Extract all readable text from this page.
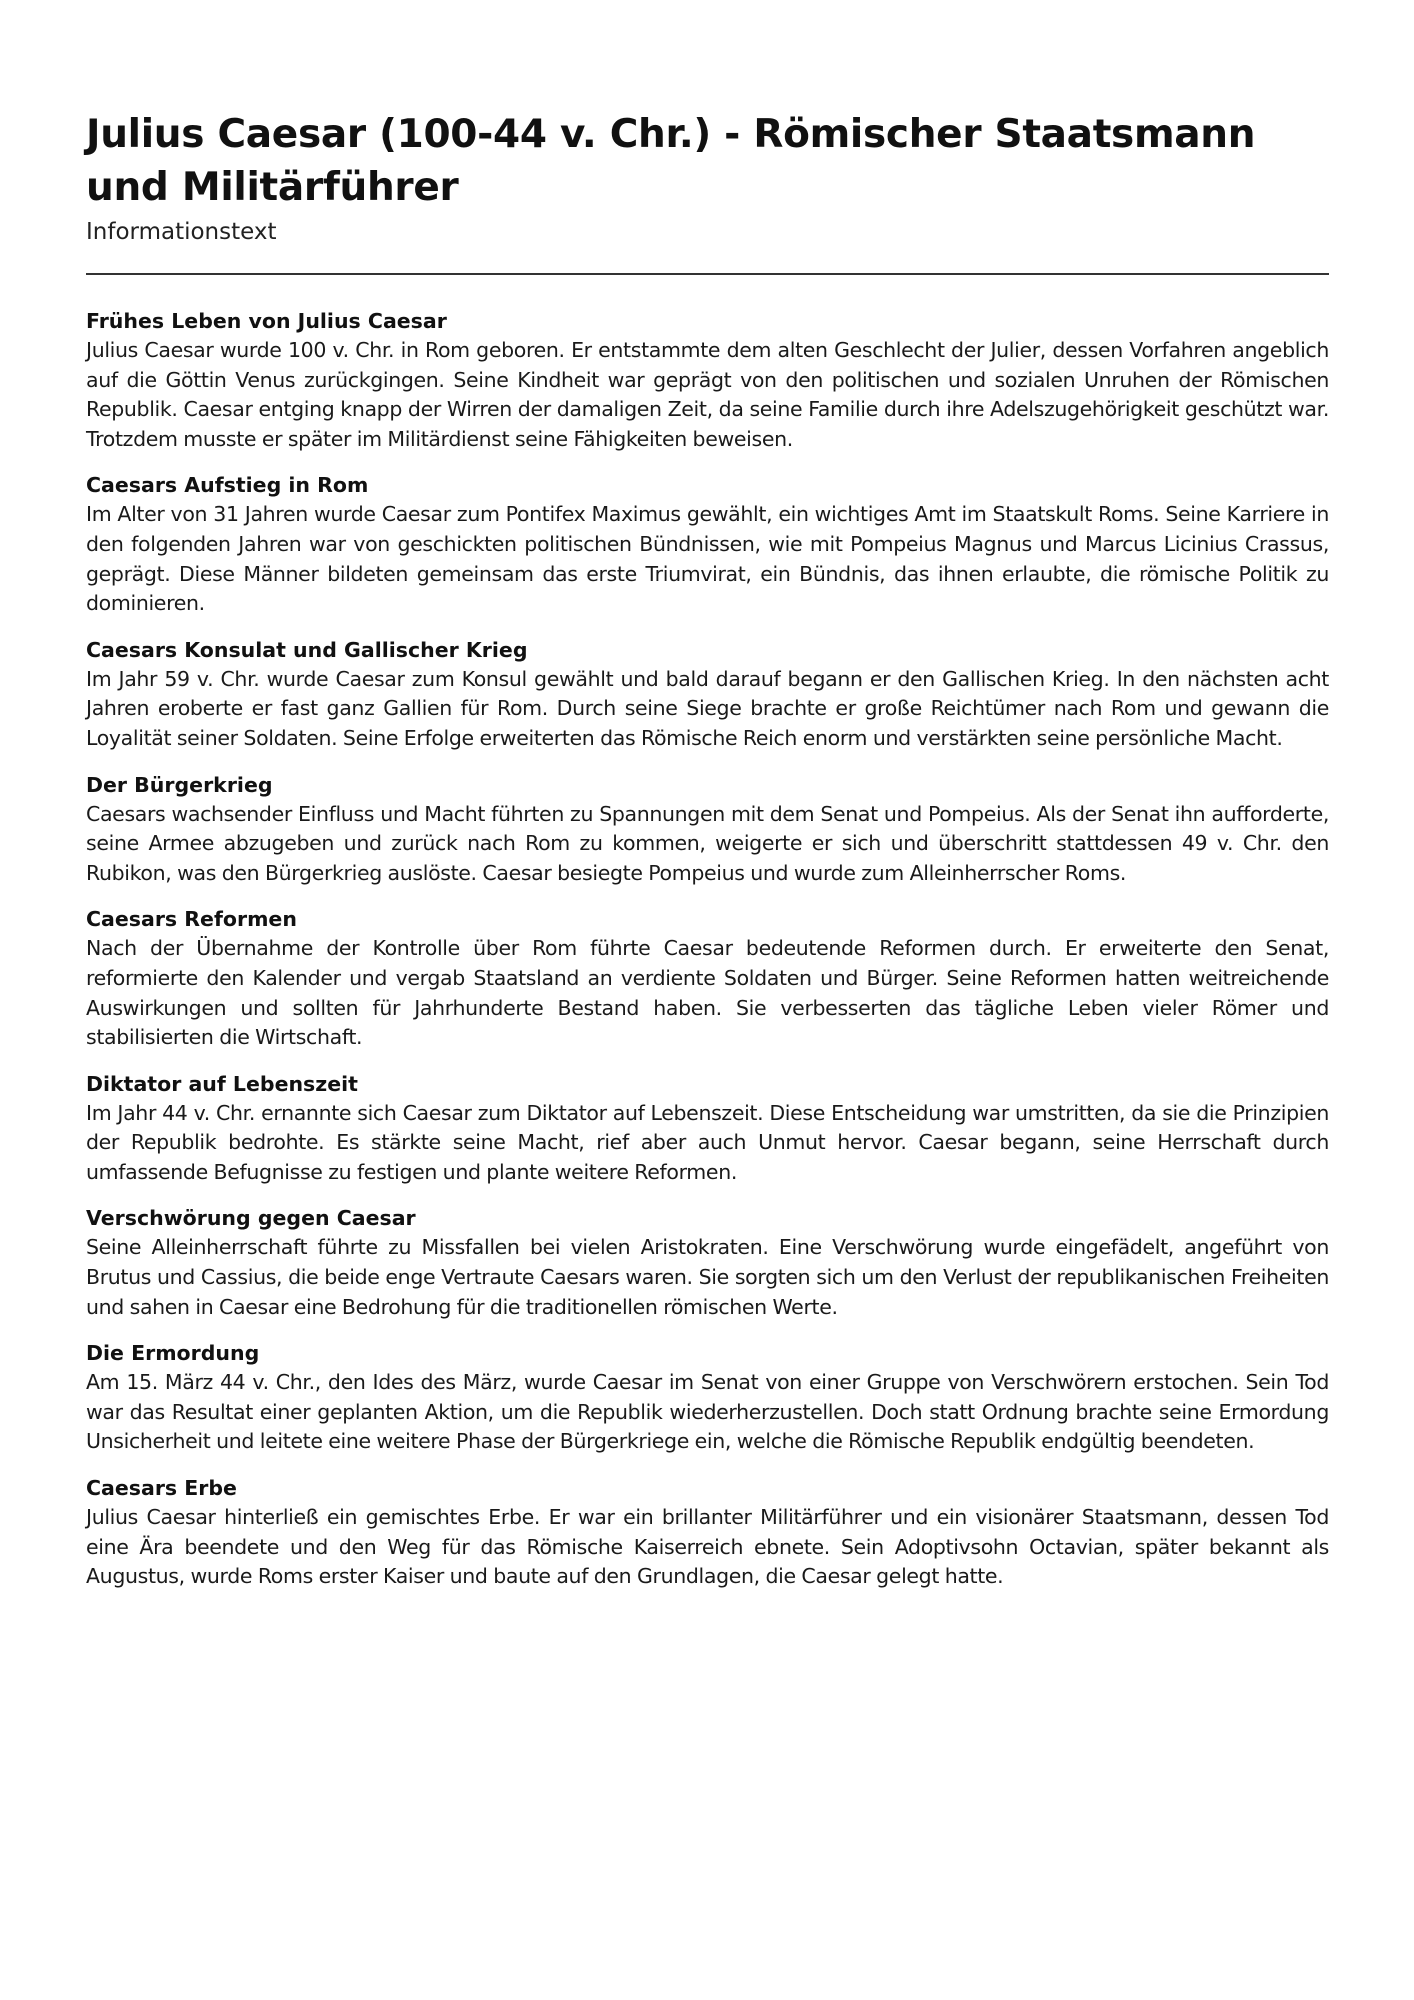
Julius Caesar (100-44 v. Chr.) - Römischer Staatsmann und Militärführer
Informationstext
Frühes Leben von Julius Caesar

Julius Caesar wurde 100 v. Chr. in Rom geboren. Er entstammte dem alten Geschlecht der Julier, dessen Vorfahren angeblich auf die Göttin Venus zurückgingen. Seine Kindheit war geprägt von den politischen und sozialen Unruhen der Römischen Republik. Caesar entging knapp der Wirren der damaligen Zeit, da seine Familie durch ihre Adelszugehörigkeit geschützt war. Trotzdem musste er später im Militärdienst seine Fähigkeiten beweisen.

Caesars Aufstieg in Rom

Im Alter von 31 Jahren wurde Caesar zum Pontifex Maximus gewählt, ein wichtiges Amt im Staatskult Roms. Seine Karriere in den folgenden Jahren war von geschickten politischen Bündnissen, wie mit Pompeius Magnus und Marcus Licinius Crassus, geprägt. Diese Männer bildeten gemeinsam das erste Triumvirat, ein Bündnis, das ihnen erlaubte, die römische Politik zu dominieren.

Caesars Konsulat und Gallischer Krieg

Im Jahr 59 v. Chr. wurde Caesar zum Konsul gewählt und bald darauf begann er den Gallischen Krieg. In den nächsten acht Jahren eroberte er fast ganz Gallien für Rom. Durch seine Siege brachte er große Reichtümer nach Rom und gewann die Loyalität seiner Soldaten. Seine Erfolge erweiterten das Römische Reich enorm und verstärkten seine persönliche Macht.

Der Bürgerkrieg

Caesars wachsender Einfluss und Macht führten zu Spannungen mit dem Senat und Pompeius. Als der Senat ihn aufforderte, seine Armee abzugeben und zurück nach Rom zu kommen, weigerte er sich und überschritt stattdessen 49 v. Chr. den Rubikon, was den Bürgerkrieg auslöste. Caesar besiegte Pompeius und wurde zum Alleinherrscher Roms.

Caesars Reformen

Nach der Übernahme der Kontrolle über Rom führte Caesar bedeutende Reformen durch. Er erweiterte den Senat, reformierte den Kalender und vergab Staatsland an verdiente Soldaten und Bürger. Seine Reformen hatten weitreichende Auswirkungen und sollten für Jahrhunderte Bestand haben. Sie verbesserten das tägliche Leben vieler Römer und stabilisierten die Wirtschaft.

Diktator auf Lebenszeit

Im Jahr 44 v. Chr. ernannte sich Caesar zum Diktator auf Lebenszeit. Diese Entscheidung war umstritten, da sie die Prinzipien der Republik bedrohte. Es stärkte seine Macht, rief aber auch Unmut hervor. Caesar begann, seine Herrschaft durch umfassende Befugnisse zu festigen und plante weitere Reformen.

Verschwörung gegen Caesar

Seine Alleinherrschaft führte zu Missfallen bei vielen Aristokraten. Eine Verschwörung wurde eingefädelt, angeführt von Brutus und Cassius, die beide enge Vertraute Caesars waren. Sie sorgten sich um den Verlust der republikanischen Freiheiten und sahen in Caesar eine Bedrohung für die traditionellen römischen Werte.

Die Ermordung

Am 15. März 44 v. Chr., den Ides des März, wurde Caesar im Senat von einer Gruppe von Verschwörern erstochen. Sein Tod war das Resultat einer geplanten Aktion, um die Republik wiederherzustellen. Doch statt Ordnung brachte seine Ermordung Unsicherheit und leitete eine weitere Phase der Bürgerkriege ein, welche die Römische Republik endgültig beendeten.

Caesars Erbe

Julius Caesar hinterließ ein gemischtes Erbe. Er war ein brillanter Militärführer und ein visionärer Staatsmann, dessen Tod eine Ära beendete und den Weg für das Römische Kaiserreich ebnete. Sein Adoptivsohn Octavian, später bekannt als Augustus, wurde Roms erster Kaiser und baute auf den Grundlagen, die Caesar gelegt hatte.
